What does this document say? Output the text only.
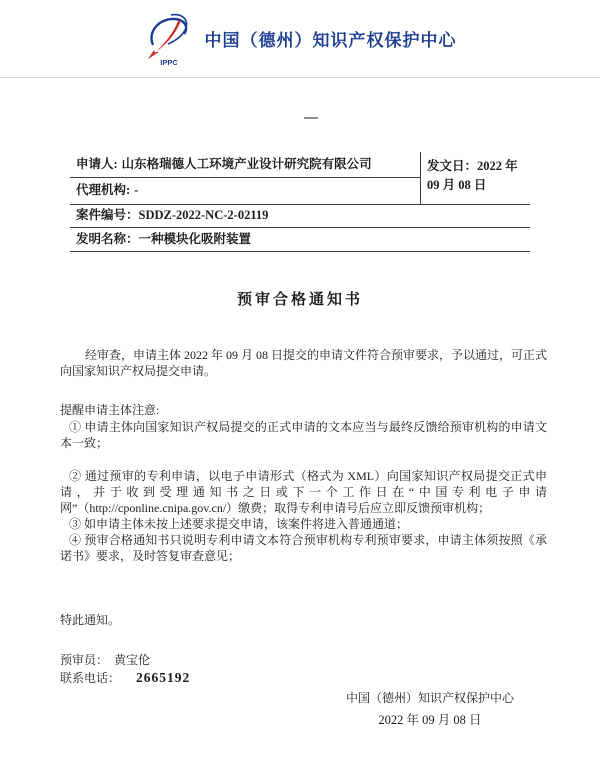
IPPC
中国（德州）知识产权保护中心
申请人: 山东格瑞德人工环境产业设计研究院有限公司	发文日：2022 年 09 月 08 日
代理机构: -
案件编号：SDDZ-2022-NC-2-02119
发明名称：一种模块化吸附装置
预审合格通知书
经审查，申请主体 2022 年 09 月 08 日提交的申请文件符合预审要求，予以通过，可正式向国家知识产权局提交申请。

提醒申请主体注意:

① 申请主体向国家知识产权局提交的正式申请的文本应当与最终反馈给预审机构的申请文本一致；

② 通过预审的专利申请，以电子申请形式（格式为 XML）向国家知识产权局提交正式申请，并于收到受理通知书之日或下一个工作日在“中国专利电子申请网”（http://cponline.cnipa.gov.cn/）缴费；取得专利申请号后应立即反馈预审机构；

③ 如申请主体未按上述要求提交申请，该案件将进入普通通道；

④ 预审合格通知书只说明专利申请文本符合预审机构专利预审要求，申请主体须按照《承诺书》要求，及时答复审查意见；

特此通知。
预审员： 黄宝伦
联系电话： 2665192
中国（德州）知识产权保护中心
2022 年 09 月 08 日
